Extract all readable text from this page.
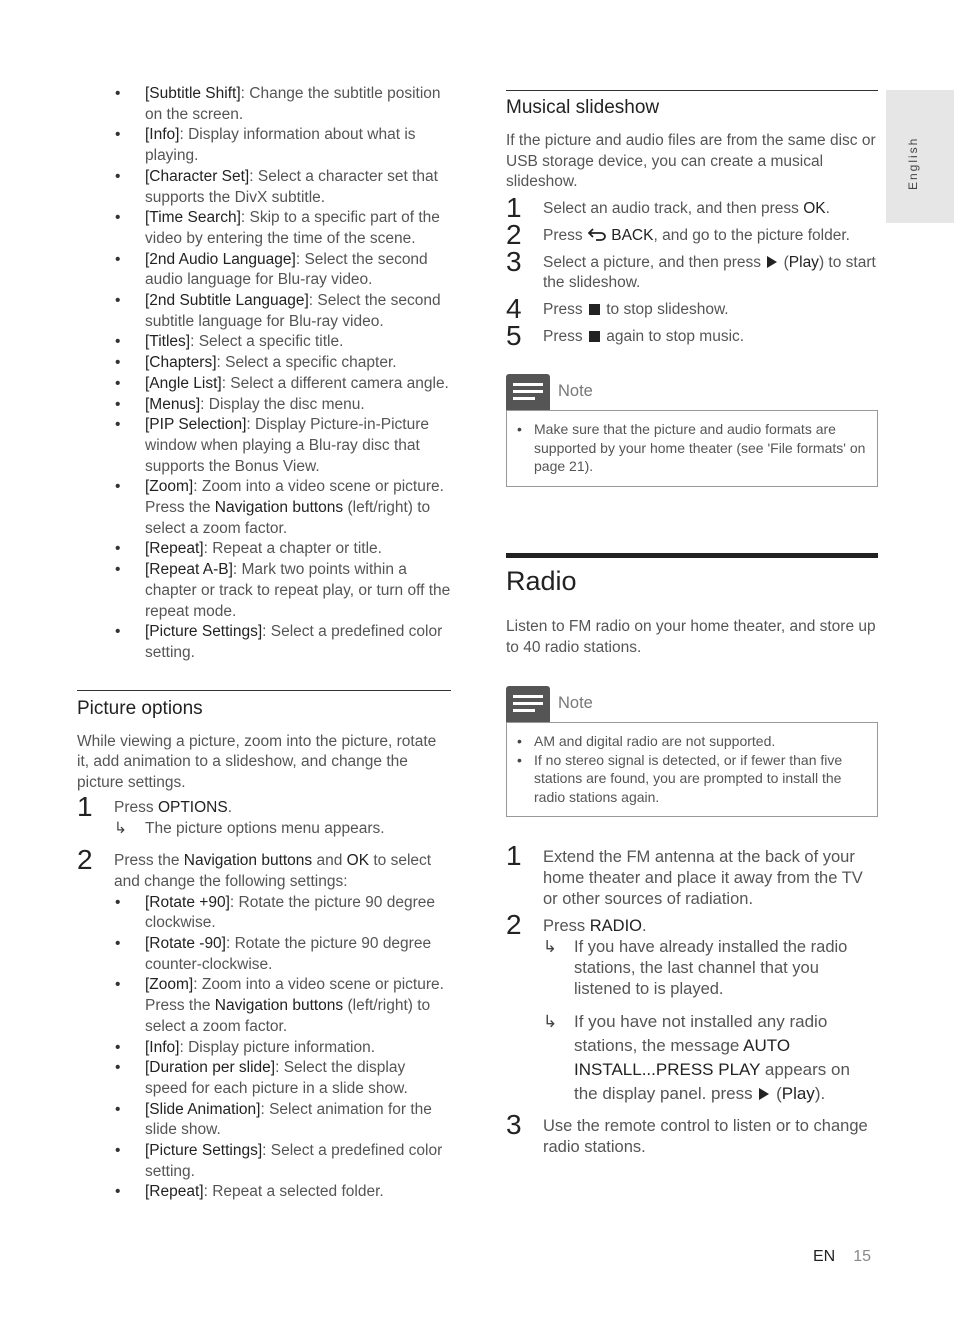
English
• [Subtitle Shift]: Change the subtitle position on the screen.
• [Info]: Display information about what is playing.
• [Character Set]: Select a character set that supports the DivX subtitle.
• [Time Search]: Skip to a specific part of the video by entering the time of the scene.
• [2nd Audio Language]: Select the second audio language for Blu-ray video.
• [2nd Subtitle Language]: Select the second subtitle language for Blu-ray video.
• [Titles]: Select a specific title.
• [Chapters]: Select a specific chapter.
• [Angle List]: Select a different camera angle.
• [Menus]: Display the disc menu.
• [PIP Selection]: Display Picture-in-Picture window when playing a Blu-ray disc that supports the Bonus View.
• [Zoom]: Zoom into a video scene or picture. Press the Navigation buttons (left/right) to select a zoom factor.
• [Repeat]: Repeat a chapter or title.
• [Repeat A-B]: Mark two points within a chapter or track to repeat play, or turn off the repeat mode.
• [Picture Settings]: Select a predefined color setting.
Picture options

While viewing a picture, zoom into the picture, rotate it, add animation to a slideshow, and change the picture settings.

1 Press OPTIONS.
↳ The picture options menu appears.
2 Press the Navigation buttons and OK to select and change the following settings:
• [Rotate +90]: Rotate the picture 90 degree clockwise.
• [Rotate -90]: Rotate the picture 90 degree counter-clockwise.
• [Zoom]: Zoom into a video scene or picture. Press the Navigation buttons (left/right) to select a zoom factor.
• [Info]: Display picture information.
• [Duration per slide]: Select the display speed for each picture in a slide show.
• [Slide Animation]: Select animation for the slide show.
• [Picture Settings]: Select a predefined color setting.
• [Repeat]: Repeat a selected folder.
Musical slideshow

If the picture and audio files are from the same disc or USB storage device, you can create a musical slideshow.

1 Select an audio track, and then press OK.
2 Press  BACK, and go to the picture folder.
3 Select a picture, and then press  (Play) to start the slideshow.
4 Press  to stop slideshow.
5 Press  again to stop music.
Note
• Make sure that the picture and audio formats are supported by your home theater (see 'File formats' on page 21).
Radio

Listen to FM radio on your home theater, and store up to 40 radio stations.

Note
• AM and digital radio are not supported.
• If no stereo signal is detected, or if fewer than five stations are found, you are prompted to install the radio stations again.
1 Extend the FM antenna at the back of your home theater and place it away from the TV or other sources of radiation.
2 Press RADIO.
↳ If you have already installed the radio stations, the last channel that you listened to is played.
↳ If you have not installed any radio stations, the message AUTO INSTALL...PRESS PLAY appears on the display panel. press  (Play).
3 Use the remote control to listen or to change radio stations.
EN 15
